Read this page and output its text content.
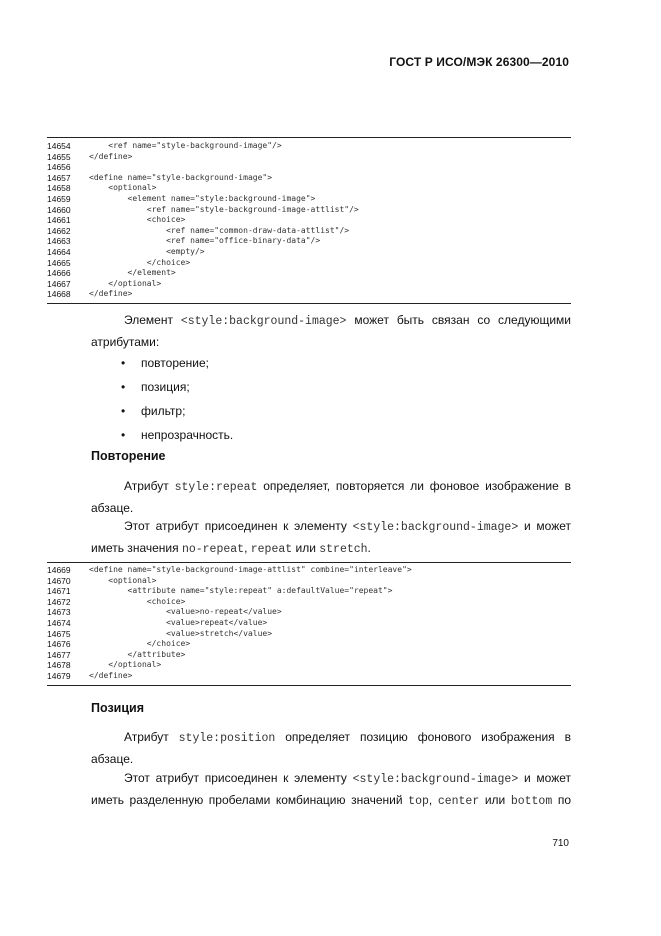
ГОСТ Р ИСО/МЭК 26300—2010
14654	<ref name="style-background-image"/>
14655	</define>
14656
14657	<define name="style-background-image">
14658	<optional>
14659	<element name="style:background-image">
14660	<ref name="style-background-image-attlist"/>
14661	<choice>
14662	<ref name="common-draw-data-attlist"/>
14663	<ref name="office-binary-data"/>
14664	<empty/>
14665	</choice>
14666	</element>
14667	</optional>
14668	</define>
Элемент <style:background-image> может быть связан со следующими
атрибутами:
• повторение;
• позиция;
• фильтр;
• непрозрачность.
Повторение
Атрибут style:repeat определяет, повторяется ли фоновое изображение в
абзаце.
Этот атрибут присоединен к элементу <style:background-image> и может
иметь значения no-repeat, repeat или stretch.
14669	<define name="style-background-image-attlist" combine="interleave">
14670	<optional>
14671	<attribute name="style:repeat" a:defaultValue="repeat">
14672	<choice>
14673	<value>no-repeat</value>
14674	<value>repeat</value>
14675	<value>stretch</value>
14676	</choice>
14677	</attribute>
14678	</optional>
14679	</define>
Позиция
Атрибут style:position определяет позицию фонового изображения в
абзаце.
Этот атрибут присоединен к элементу <style:background-image> и может
иметь разделенную пробелами комбинацию значений top, center или bottom по
710
